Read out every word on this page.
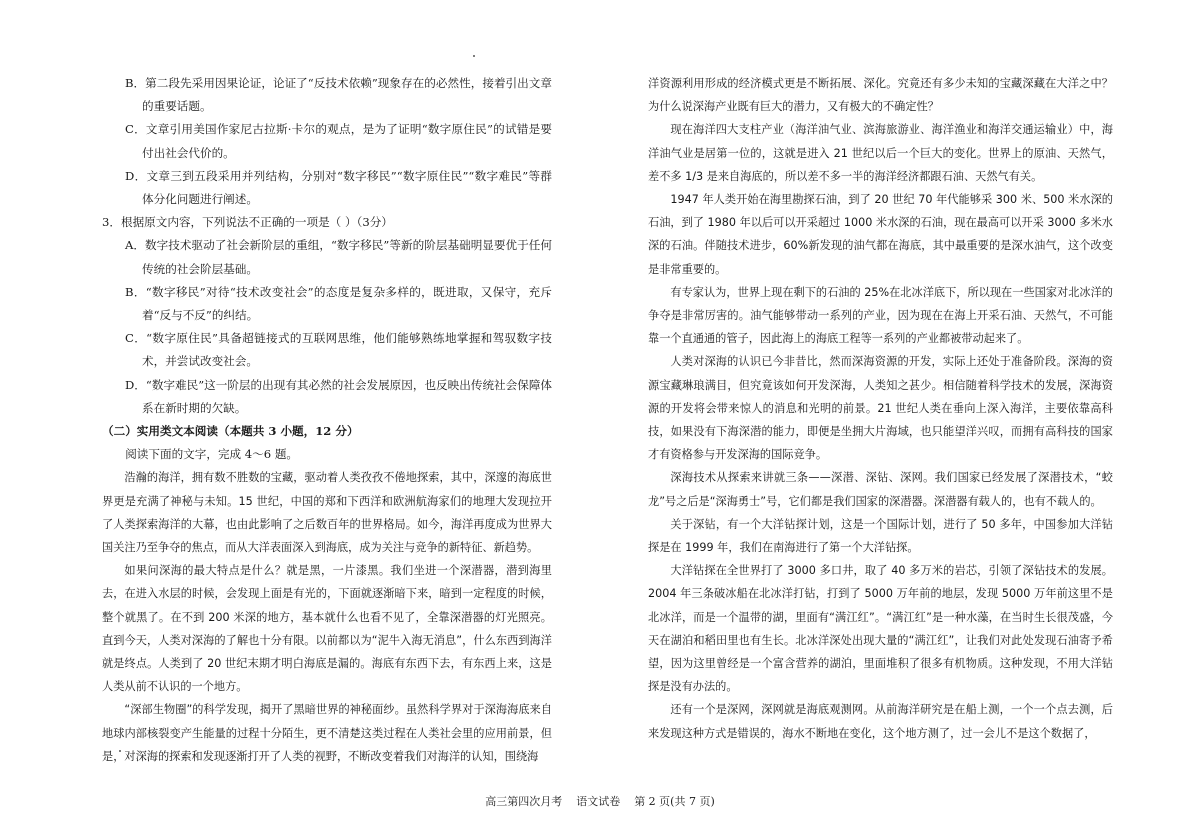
B．第二段先采用因果论证，论证了“反技术依赖”现象存在的必然性，接着引出文章的重要话题。

C．文章引用美国作家尼古拉斯·卡尔的观点，是为了证明“数字原住民”的试错是要付出社会代价的。

D．文章三到五段采用并列结构，分别对“数字移民”“数字原住民”“数字难民”等群体分化问题进行阐述。

3．根据原文内容，下列说法不正确的一项是（ ）（3分）

A．数字技术驱动了社会新阶层的重组，“数字移民”等新的阶层基础明显要优于任何传统的社会阶层基础。

B．“数字移民”对待“技术改变社会”的态度是复杂多样的，既进取，又保守，充斥着“反与不反”的纠结。

C．“数字原住民”具备超链接式的互联网思维，他们能够熟练地掌握和驾驭数字技术，并尝试改变社会。

D．“数字难民”这一阶层的出现有其必然的社会发展原因，也反映出传统社会保障体系在新时期的欠缺。

（二）实用类文本阅读（本题共 3 小题，12 分）

阅读下面的文字，完成 4～6 题。

浩瀚的海洋，拥有数不胜数的宝藏，驱动着人类孜孜不倦地探索，其中，深邃的海底世界更是充满了神秘与未知。15 世纪，中国的郑和下西洋和欧洲航海家们的地理大发现拉开了人类探索海洋的大幕，也由此影响了之后数百年的世界格局。如今，海洋再度成为世界大国关注乃至争夺的焦点，而从大洋表面深入到海底，成为关注与竞争的新特征、新趋势。

如果问深海的最大特点是什么？就是黑，一片漆黑。我们坐进一个深潜器，潜到海里去，在进入水层的时候，会发现上面是有光的，下面就逐渐暗下来，暗到一定程度的时候，整个就黑了。在不到 200 米深的地方，基本就什么也看不见了，全靠深潜器的灯光照亮。直到今天，人类对深海的了解也十分有限。以前都以为“泥牛入海无消息”，什么东西到海洋就是终点。人类到了 20 世纪末期才明白海底是漏的。海底有东西下去，有东西上来，这是人类从前不认识的一个地方。

“深部生物圈”的科学发现，揭开了黑暗世界的神秘面纱。虽然科学界对于深海海底来自地球内部核裂变产生能量的过程十分陌生，更不清楚这类过程在人类社会里的应用前景，但是，对深海的探索和发现逐渐打开了人类的视野，不断改变着我们对海洋的认知，围绕海

洋资源利用形成的经济模式更是不断拓展、深化。究竟还有多少未知的宝藏深藏在大洋之中？为什么说深海产业既有巨大的潜力，又有极大的不确定性？

现在海洋四大支柱产业（海洋油气业、滨海旅游业、海洋渔业和海洋交通运输业）中，海洋油气业是居第一位的，这就是进入 21 世纪以后一个巨大的变化。世界上的原油、天然气，差不多 1/3 是来自海底的，所以差不多一半的海洋经济都跟石油、天然气有关。

1947 年人类开始在海里勘探石油，到了 20 世纪 70 年代能够采 300 米、500 米水深的石油，到了 1980 年以后可以开采超过 1000 米水深的石油，现在最高可以开采 3000 多米水深的石油。伴随技术进步，60%新发现的油气都在海底，其中最重要的是深水油气，这个改变是非常重要的。

有专家认为，世界上现在剩下的石油的 25%在北冰洋底下，所以现在一些国家对北冰洋的争夺是非常厉害的。油气能够带动一系列的产业，因为现在在海上开采石油、天然气，不可能靠一个直通通的管子，因此海上的海底工程等一系列的产业都被带动起来了。

人类对深海的认识已今非昔比，然而深海资源的开发，实际上还处于准备阶段。深海的资源宝藏琳琅满目，但究竟该如何开发深海，人类知之甚少。相信随着科学技术的发展，深海资源的开发将会带来惊人的消息和光明的前景。21 世纪人类在垂向上深入海洋，主要依靠高科技，如果没有下海深潜的能力，即便是坐拥大片海域，也只能望洋兴叹，而拥有高科技的国家才有资格参与开发深海的国际竞争。

深海技术从探索来讲就三条——深潜、深钻、深网。我们国家已经发展了深潜技术，“蛟龙”号之后是“深海勇士”号，它们都是我们国家的深潜器。深潜器有载人的，也有不载人的。

关于深钻，有一个大洋钻探计划，这是一个国际计划，进行了 50 多年，中国参加大洋钻探是在 1999 年，我们在南海进行了第一个大洋钻探。

大洋钻探在全世界打了 3000 多口井，取了 40 多万米的岩芯，引领了深钻技术的发展。2004 年三条破冰船在北冰洋打钻，打到了 5000 万年前的地层，发现 5000 万年前这里不是北冰洋，而是一个温带的湖，里面有“满江红”。“满江红”是一种水藻，在当时生长很茂盛，今天在湖泊和稻田里也有生长。北冰洋深处出现大量的“满江红”，让我们对此处发现石油寄予希望，因为这里曾经是一个富含营养的湖泊，里面堆积了很多有机物质。这种发现，不用大洋钻探是没有办法的。

还有一个是深网，深网就是海底观测网。从前海洋研究是在船上测，一个一个点去测，后来发现这种方式是错误的，海水不断地在变化，这个地方测了，过一会儿不是这个数据了，

高三第四次月考    语文试卷    第 2 页(共 7 页)
